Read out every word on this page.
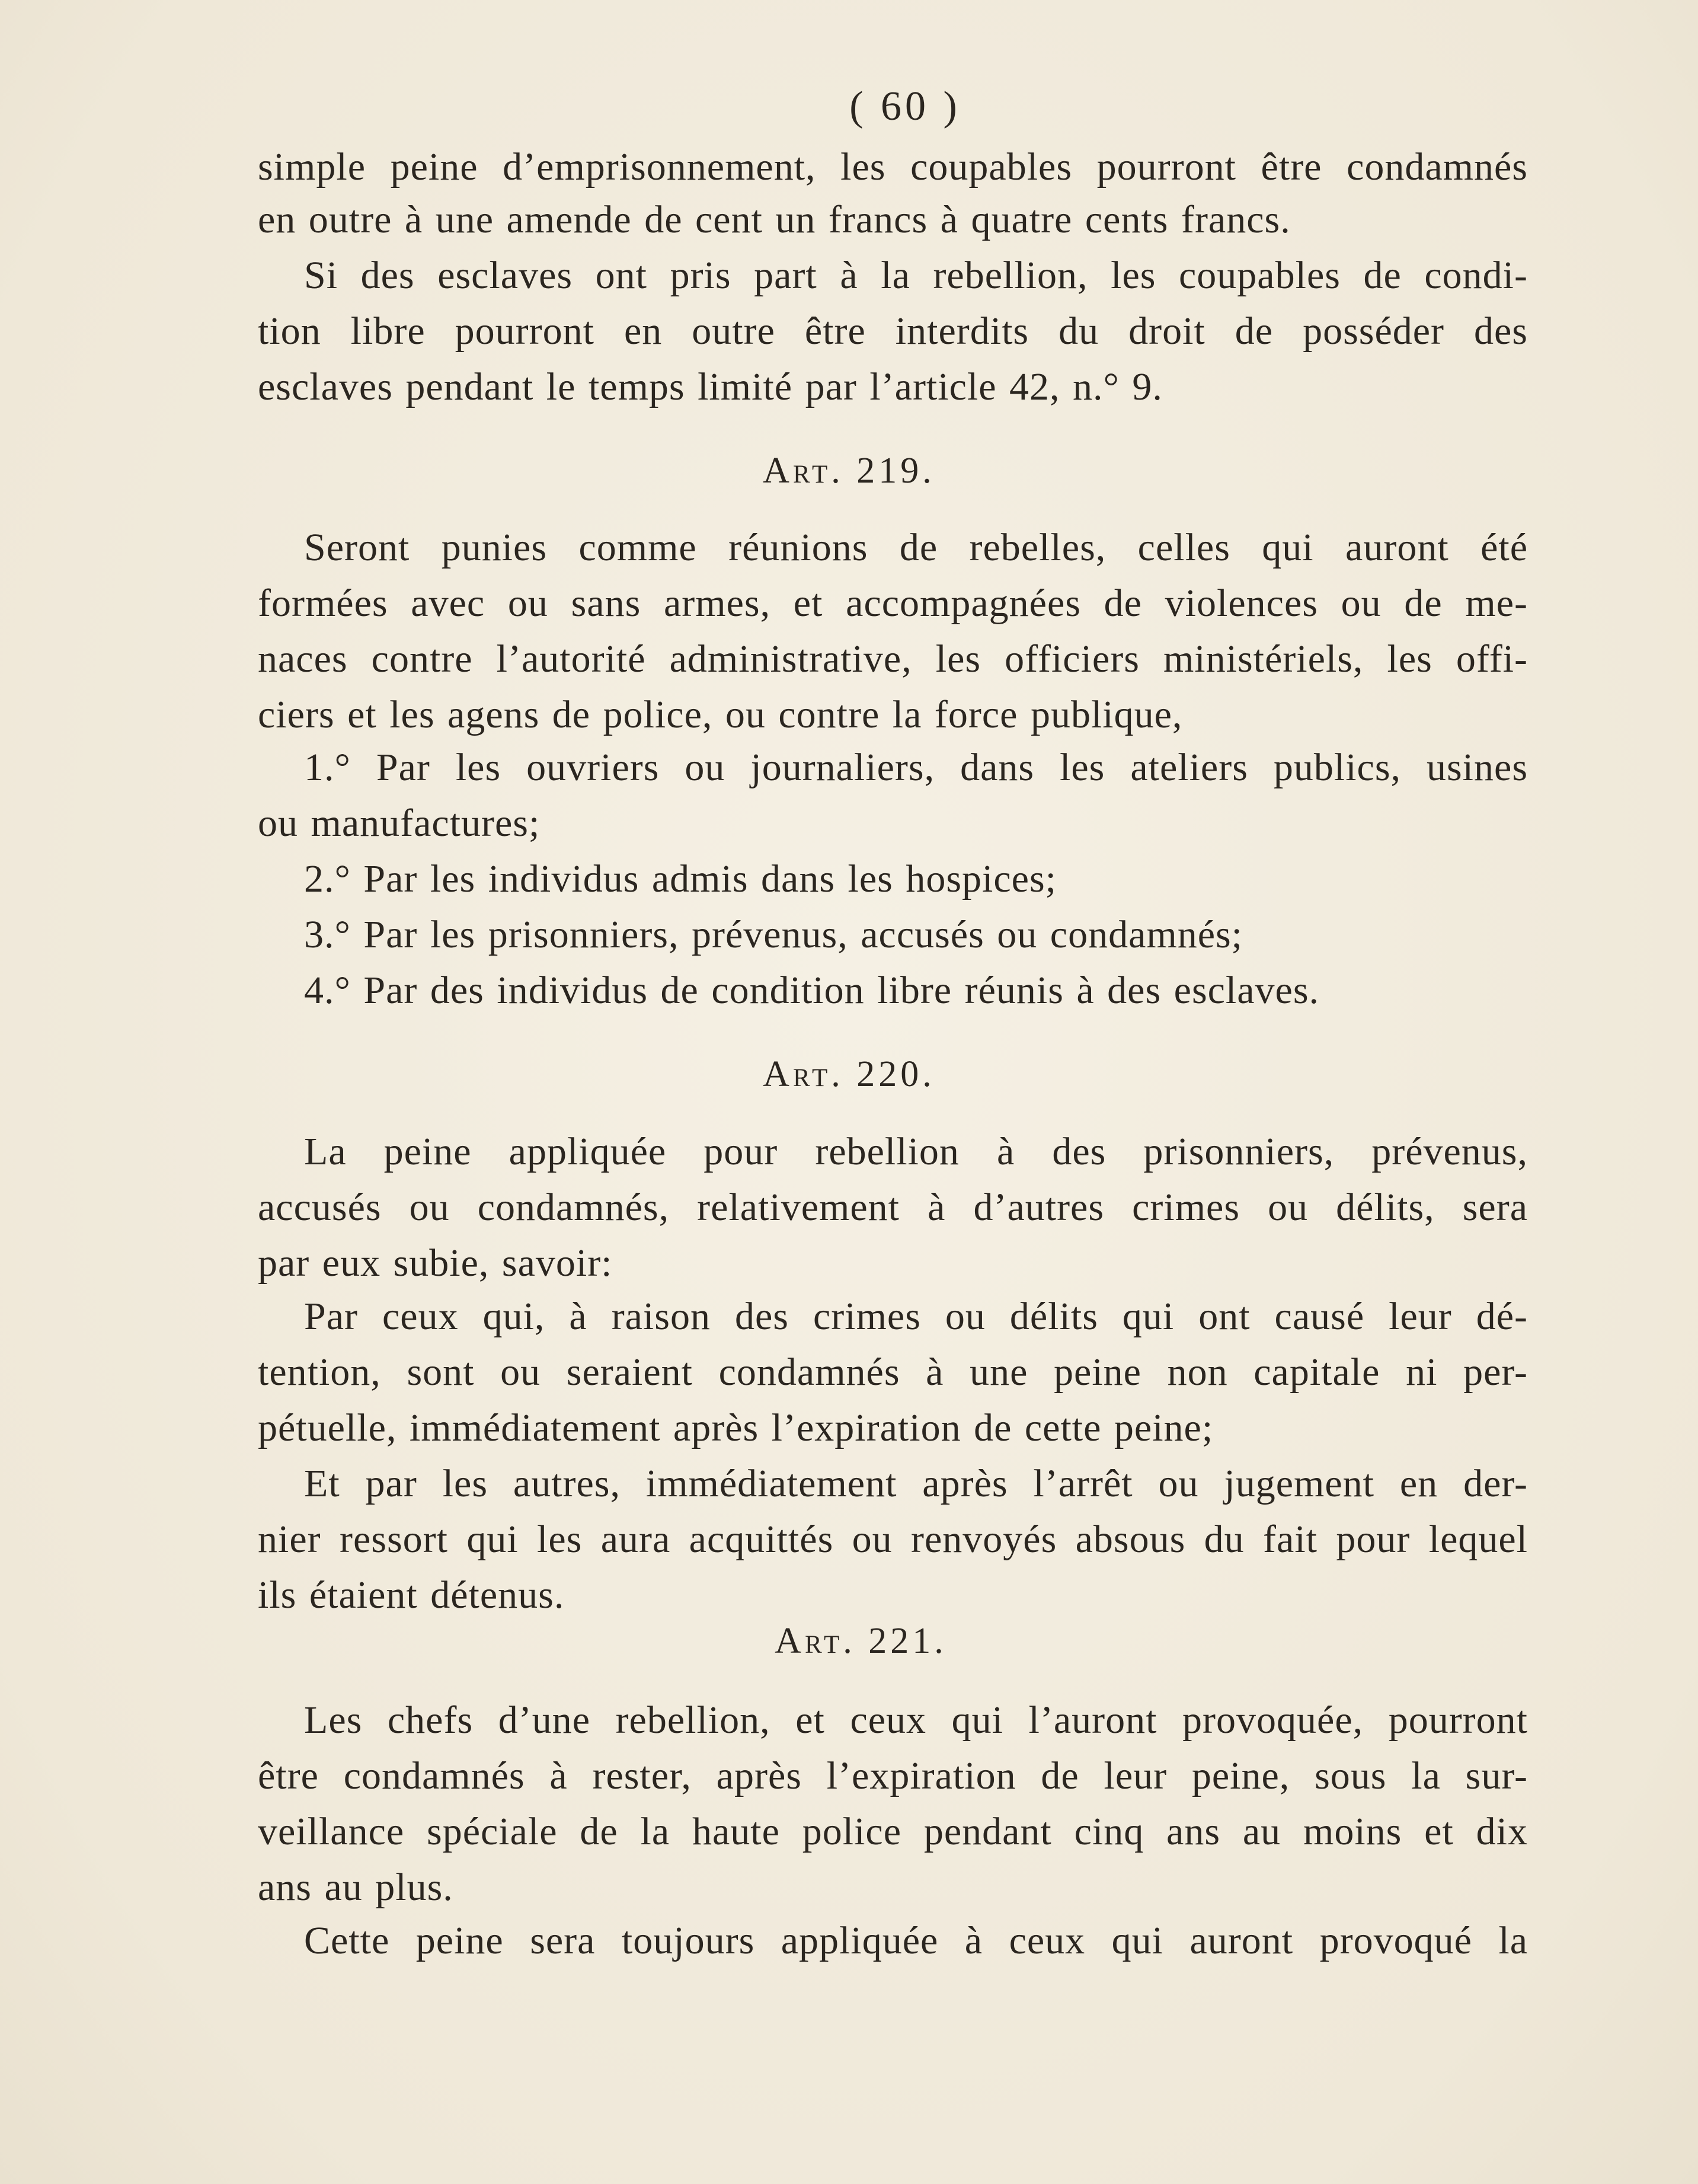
( 60 )
simple peine d’emprisonnement, les coupables pourront être condamnés
en outre à une amende de cent un francs à quatre cents francs.
Si des esclaves ont pris part à la rebellion, les coupables de condi-
tion libre pourront en outre être interdits du droit de posséder des
esclaves pendant le temps limité par l’article 42, n.° 9.
Art. 219.
Seront punies comme réunions de rebelles, celles qui auront été
formées avec ou sans armes, et accompagnées de violences ou de me-
naces contre l’autorité administrative, les officiers ministériels, les offi-
ciers et les agens de police, ou contre la force publique,
1.° Par les ouvriers ou journaliers, dans les ateliers publics, usines
ou manufactures;
2.° Par les individus admis dans les hospices;
3.° Par les prisonniers, prévenus, accusés ou condamnés;
4.° Par des individus de condition libre réunis à des esclaves.
Art. 220.
La peine appliquée pour rebellion à des prisonniers, prévenus,
accusés ou condamnés, relativement à d’autres crimes ou délits, sera
par eux subie, savoir:
Par ceux qui, à raison des crimes ou délits qui ont causé leur dé-
tention, sont ou seraient condamnés à une peine non capitale ni per-
pétuelle, immédiatement après l’expiration de cette peine;
Et par les autres, immédiatement après l’arrêt ou jugement en der-
nier ressort qui les aura acquittés ou renvoyés absous du fait pour lequel
ils étaient détenus.
Art. 221.
Les chefs d’une rebellion, et ceux qui l’auront provoquée, pourront
être condamnés à rester, après l’expiration de leur peine, sous la sur-
veillance spéciale de la haute police pendant cinq ans au moins et dix
ans au plus.
Cette peine sera toujours appliquée à ceux qui auront provoqué la
